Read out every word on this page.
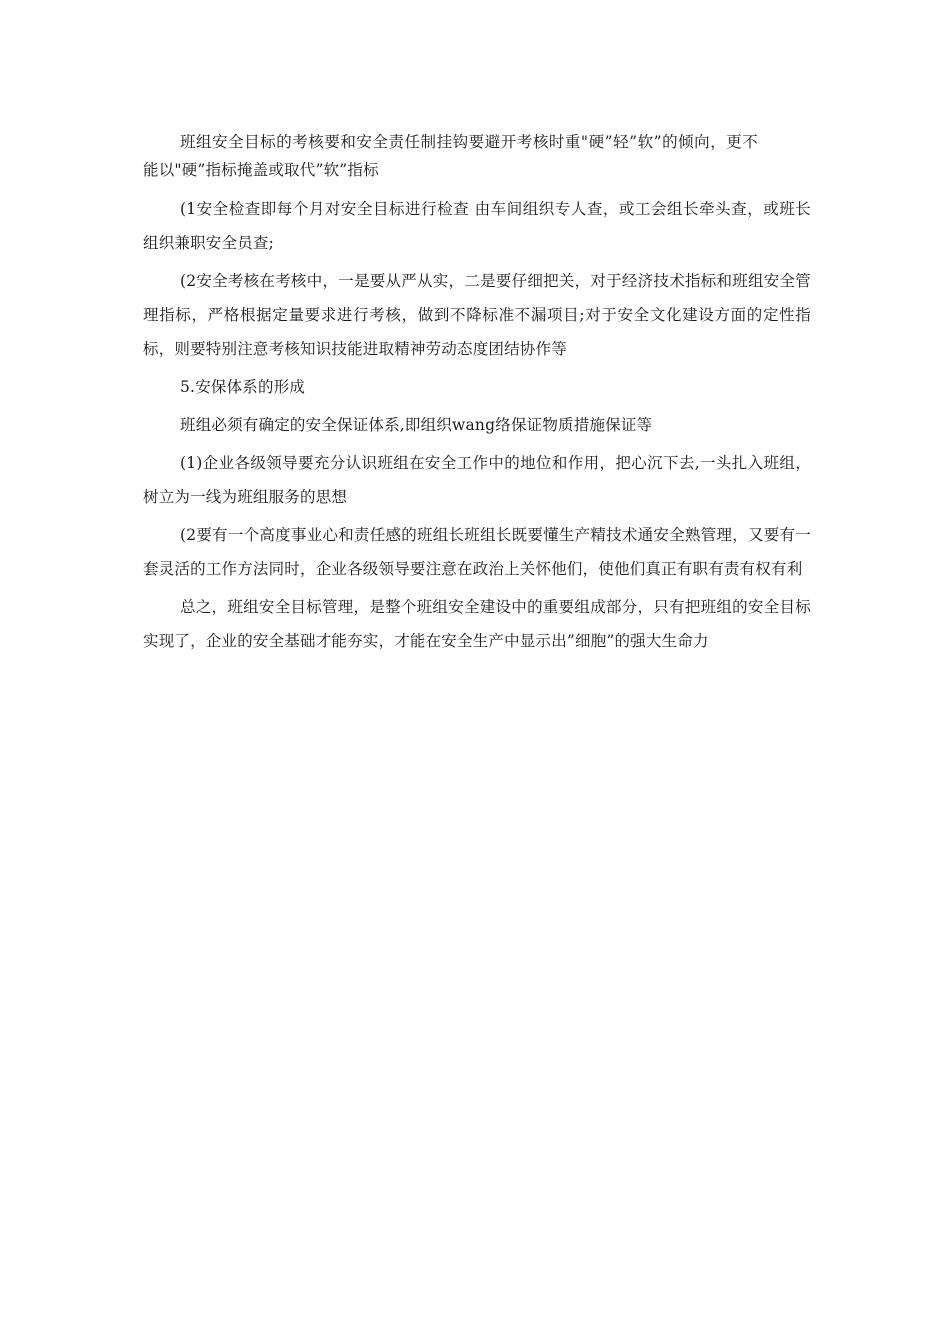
班组安全目标的考核要和安全责任制挂钩要避开考核时重"硬”轻”软”的倾向，更不能以"硬”指标掩盖或取代”软”指标

(1安全检查即每个月对安全目标进行检查 由车间组织专人查，或工会组长牵头查，或班长组织兼职安全员查;

(2安全考核在考核中，一是要从严从实，二是要仔细把关，对于经济技术指标和班组安全管理指标，严格根据定量要求进行考核，做到不降标准不漏项目;对于安全文化建设方面的定性指标，则要特别注意考核知识技能进取精神劳动态度团结协作等

5.安保体系的形成

班组必须有确定的安全保证体系,即组织wang络保证物质措施保证等

(1)企业各级领导要充分认识班组在安全工作中的地位和作用，把心沉下去,一头扎入班组，树立为一线为班组服务的思想

(2要有一个高度事业心和责任感的班组长班组长既要懂生产精技术通安全熟管理，又要有一套灵活的工作方法同时，企业各级领导要注意在政治上关怀他们，使他们真正有职有责有权有利

总之，班组安全目标管理，是整个班组安全建设中的重要组成部分，只有把班组的安全目标实现了，企业的安全基础才能夯实，才能在安全生产中显示出”细胞”的强大生命力
